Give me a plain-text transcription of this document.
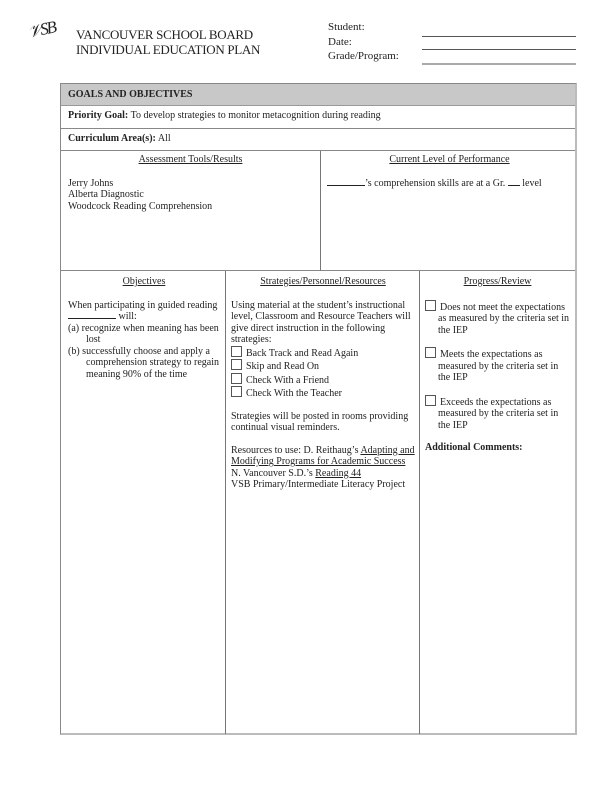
𝒱SB VANCOUVER SCHOOL BOARD
INDIVIDUAL EDUCATION PLAN
Student:
Date:
Grade/Program:
GOALS AND OBJECTIVES
Priority Goal: To develop strategies to monitor metacognition during reading
Curriculum Area(s): All
Assessment Tools/Results
Jerry Johns
Alberta Diagnostic
Woodcock Reading Comprehension
Current Level of Performance
’s comprehension skills are at a Gr. level
Objectives
When participating in guided reading  will:
(a) recognize when meaning has been lost
(b) successfully choose and apply a comprehension strategy to regain meaning 90% of the time
Strategies/Personnel/Resources
Using material at the student’s instructional level, Classroom and Resource Teachers will give direct instruction in the following strategies:
Back Track and Read Again
Skip and Read On
Check With a Friend
Check With the Teacher
Strategies will be posted in rooms providing continual visual reminders.
Resources to use: D. Reithaug’s Adapting and Modifying Programs for Academic Success
N. Vancouver S.D.’s Reading 44
VSB Primary/Intermediate Literacy Project
Progress/Review
Does not meet the expectations as measured by the criteria set in the IEP
Meets the expectations as measured by the criteria set in the IEP
Exceeds the expectations as measured by the criteria set in the IEP
Additional Comments:
